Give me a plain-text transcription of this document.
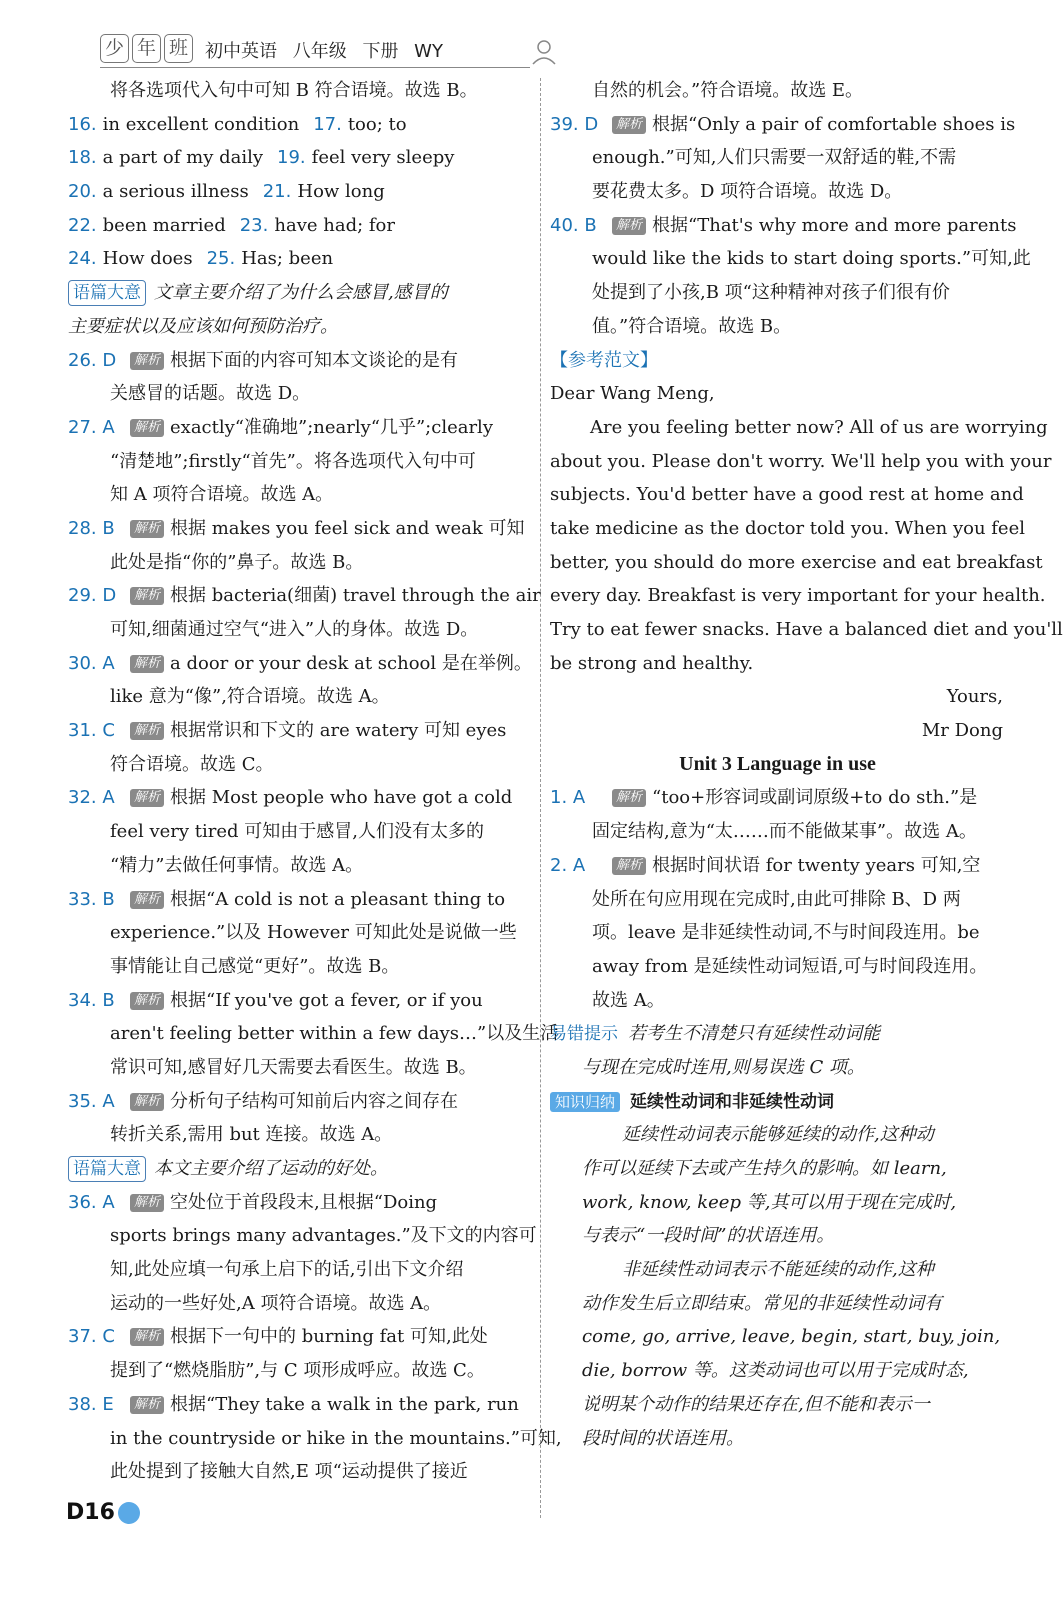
少 年 班 初中英语 八年级 下册 WY
将各选项代入句中可知 B 符合语境。故选 B。
16. in excellent condition 17. too; to
18. a part of my daily 19. feel very sleepy
20. a serious illness 21. How long
22. been married 23. have had; for
24. How does 25. Has; been
语篇大意 文章主要介绍了为什么会感冒,感冒的
主要症状以及应该如何预防治疗。
26. D 解析 根据下面的内容可知本文谈论的是有
关感冒的话题。故选 D。
27. A 解析 exactly“准确地”;nearly“几乎”;clearly
“清楚地”;firstly“首先”。将各选项代入句中可
知 A 项符合语境。故选 A。
28. B 解析 根据 makes you feel sick and weak 可知
此处是指“你的”鼻子。故选 B。
29. D 解析 根据 bacteria(细菌) travel through the air
可知,细菌通过空气“进入”人的身体。故选 D。
30. A 解析 a door or your desk at school 是在举例。
like 意为“像”,符合语境。故选 A。
31. C 解析 根据常识和下文的 are watery 可知 eyes
符合语境。故选 C。
32. A 解析 根据 Most people who have got a cold
feel very tired 可知由于感冒,人们没有太多的
“精力”去做任何事情。故选 A。
33. B 解析 根据“A cold is not a pleasant thing to
experience.”以及 However 可知此处是说做一些
事情能让自己感觉“更好”。故选 B。
34. B 解析 根据“If you've got a fever, or if you
aren't feeling better within a few days…”以及生活
常识可知,感冒好几天需要去看医生。故选 B。
35. A 解析 分析句子结构可知前后内容之间存在
转折关系,需用 but 连接。故选 A。
语篇大意 本文主要介绍了运动的好处。
36. A 解析 空处位于首段段末,且根据“Doing
sports brings many advantages.”及下文的内容可
知,此处应填一句承上启下的话,引出下文介绍
运动的一些好处,A 项符合语境。故选 A。
37. C 解析 根据下一句中的 burning fat 可知,此处
提到了“燃烧脂肪”,与 C 项形成呼应。故选 C。
38. E 解析 根据“They take a walk in the park, run
in the countryside or hike in the mountains.”可知,
此处提到了接触大自然,E 项“运动提供了接近
自然的机会。”符合语境。故选 E。
39. D 解析 根据“Only a pair of comfortable shoes is
enough.”可知,人们只需要一双舒适的鞋,不需
要花费太多。D 项符合语境。故选 D。
40. B 解析 根据“That's why more and more parents
would like the kids to start doing sports.”可知,此
处提到了小孩,B 项“这种精神对孩子们很有价
值。”符合语境。故选 B。
【参考范文】
Dear Wang Meng,
Are you feeling better now? All of us are worrying
about you. Please don't worry. We'll help you with your
subjects. You'd better have a good rest at home and
take medicine as the doctor told you. When you feel
better, you should do more exercise and eat breakfast
every day. Breakfast is very important for your health.
Try to eat fewer snacks. Have a balanced diet and you'll
be strong and healthy.
Yours,
Mr Dong
Unit 3 Language in use
1. A 解析 “too+形容词或副词原级+to do sth.”是
固定结构,意为“太……而不能做某事”。故选 A。
2. A 解析 根据时间状语 for twenty years 可知,空
处所在句应用现在完成时,由此可排除 B、D 两
项。leave 是非延续性动词,不与时间段连用。be
away from 是延续性动词短语,可与时间段连用。
故选 A。
易错提示 若考生不清楚只有延续性动词能
与现在完成时连用,则易误选 C 项。
知识归纳 延续性动词和非延续性动词
延续性动词表示能够延续的动作,这种动
作可以延续下去或产生持久的影响。如 learn,
work, know, keep 等,其可以用于现在完成时,
与表示“一段时间”的状语连用。
非延续性动词表示不能延续的动作,这种
动作发生后立即结束。常见的非延续性动词有
come, go, arrive, leave, begin, start, buy, join,
die, borrow 等。这类动词也可以用于完成时态,
说明某个动作的结果还存在,但不能和表示一
段时间的状语连用。
D16
